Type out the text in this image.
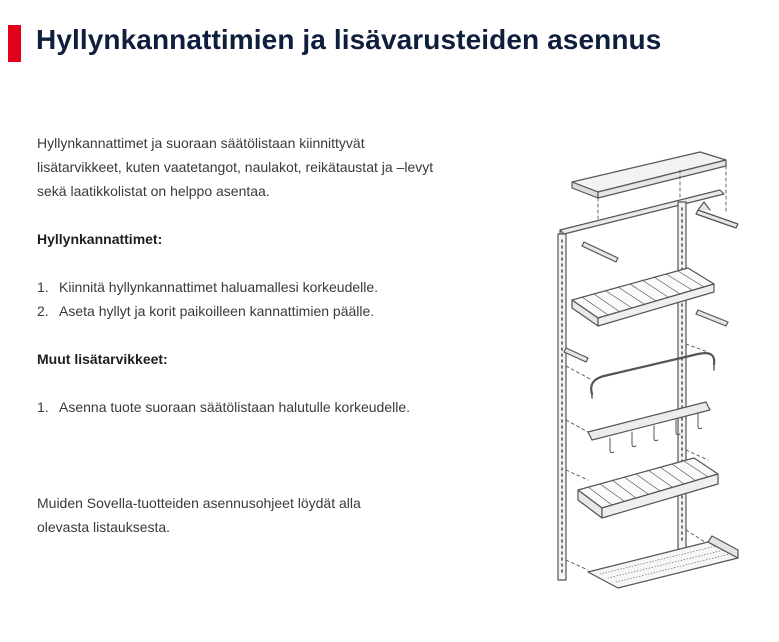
Hyllynkannattimien ja lisävarusteiden asennus

Hyllynkannattimet ja suoraan säätölistaan kiinnittyvät lisätarvikkeet, kuten vaatetangot, naulakot, reikätaustat ja –levyt sekä laatikkolistat on helppo asentaa.

Hyllynkannattimet:

1. Kiinnitä hyllynkannattimet haluamallesi korkeudelle.
2. Aseta hyllyt ja korit paikoilleen kannattimien päälle.

Muut lisätarvikkeet:

1. Asenna tuote suoraan säätölistaan halutulle korkeudelle.

Muiden Sovella-tuotteiden asennusohjeet löydät alla olevasta listauksesta.
